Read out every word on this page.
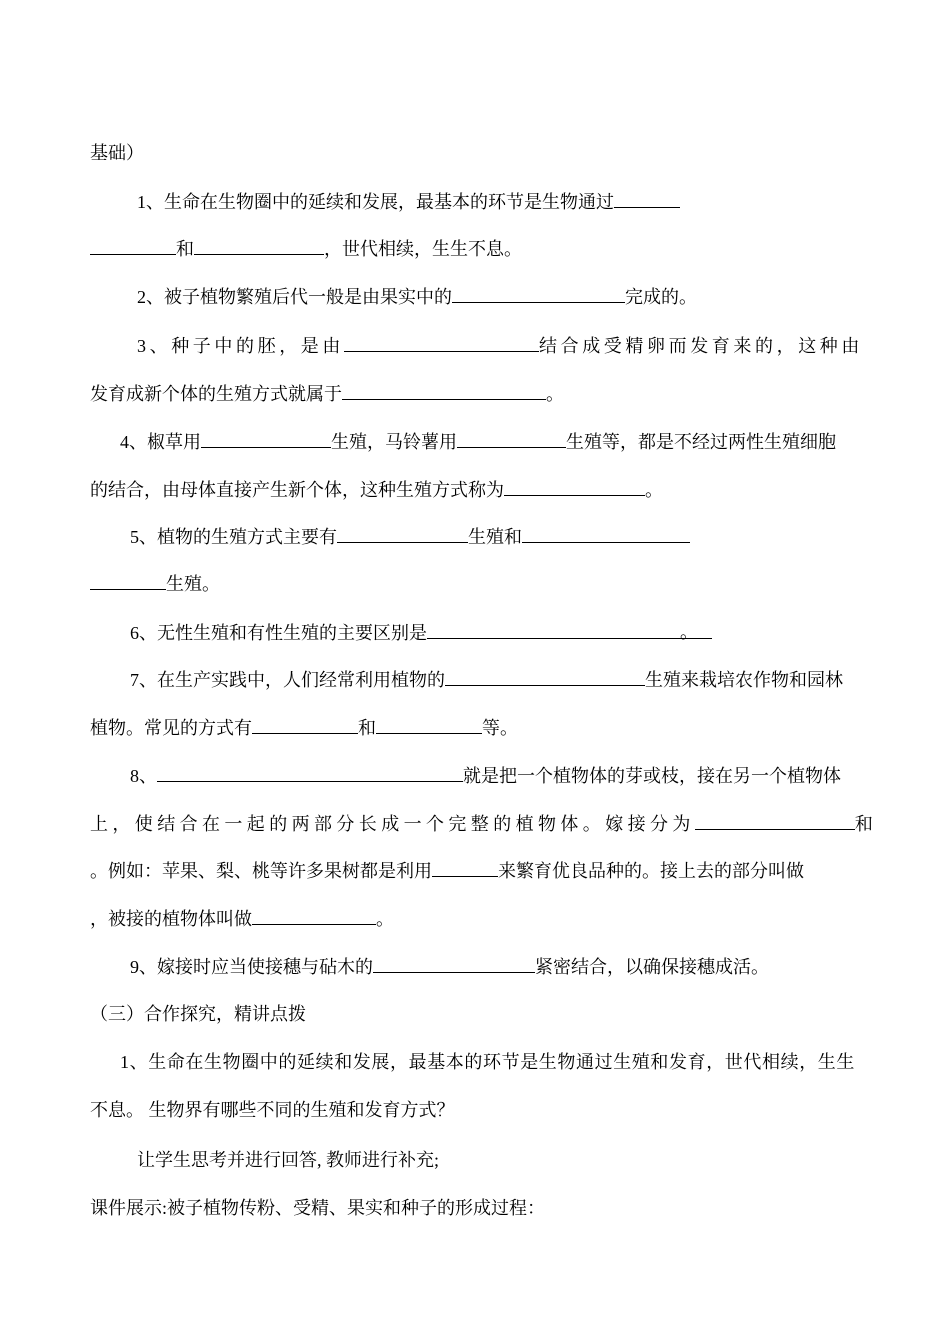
基础）
1、生命在生物圈中的延续和发展，最基本的环节是生物通过
和	，世代相续，生生不息。
2、被子植物繁殖后代一般是由果实中的	完成的。
3、种子中的胚，是由	结合成受精卵而发育来的，这种由
发育成新个体的生殖方式就属于	。
4、椒草用	生殖，马铃薯用	生殖等，都是不经过两性生殖细胞
的结合，由母体直接产生新个体，这种生殖方式称为	。
5、植物的生殖方式主要有	生殖和
生殖。
6、无性生殖和有性生殖的主要区别是	。
7、在生产实践中，人们经常利用植物的	生殖来栽培农作物和园林
植物。常见的方式有	和	等。
8、	就是把一个植物体的芽或枝，接在另一个植物体
上，使结合在一起的两部分长成一个完整的植物体。嫁接分为	和
。例如：苹果、梨、桃等许多果树都是利用	来繁育优良品种的。接上去的部分叫做
，被接的植物体叫做	。
9、嫁接时应当使接穗与砧木的	紧密结合，以确保接穗成活。
（三）合作探究，精讲点拨
1、生命在生物圈中的延续和发展，最基本的环节是生物通过生殖和发育，世代相续，生生
不息。 生物界有哪些不同的生殖和发育方式？
让学生思考并进行回答, 教师进行补充;
课件展示:被子植物传粉、受精、果实和种子的形成过程：
